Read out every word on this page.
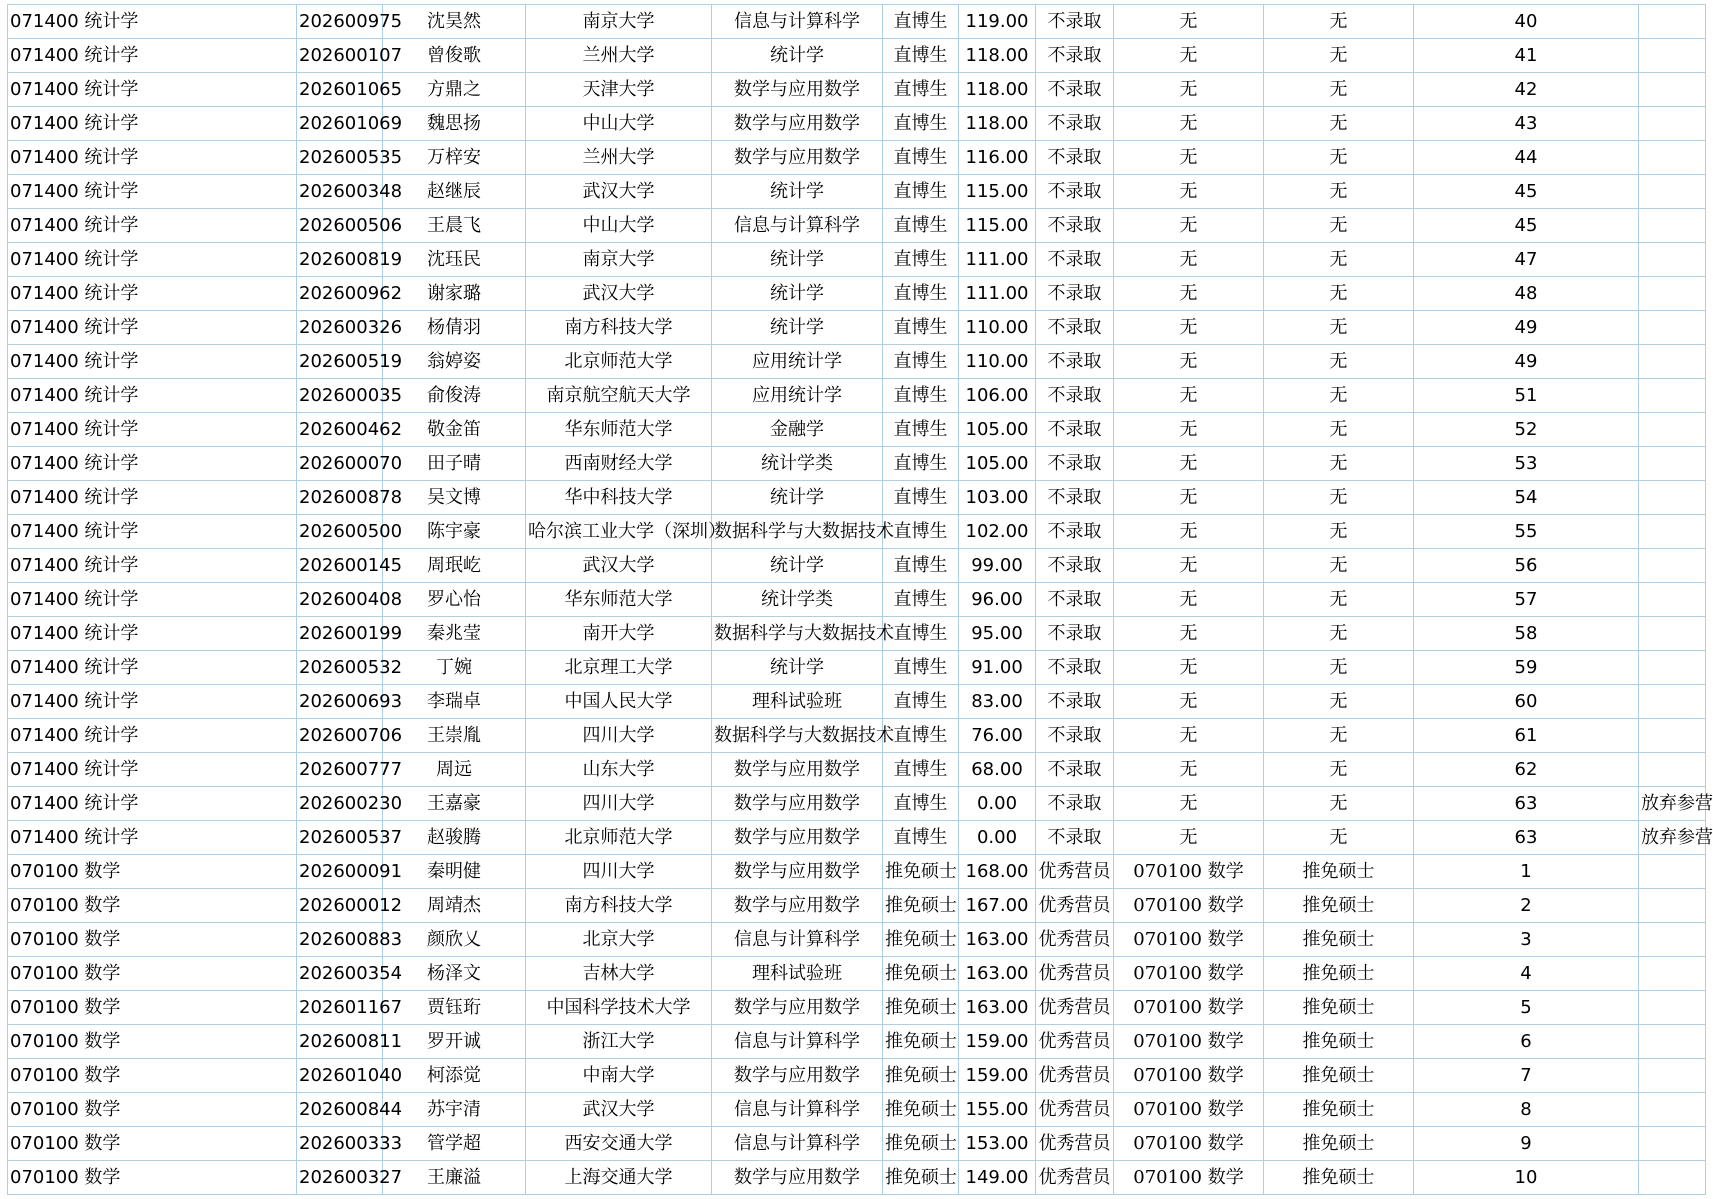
071400 统计学	202600975	沈昊然	南京大学	信息与计算科学	直博生	119.00	不录取	无	无	40	
071400 统计学	202600107	曾俊歌	兰州大学	统计学	直博生	118.00	不录取	无	无	41	
071400 统计学	202601065	方鼎之	天津大学	数学与应用数学	直博生	118.00	不录取	无	无	42	
071400 统计学	202601069	魏思扬	中山大学	数学与应用数学	直博生	118.00	不录取	无	无	43	
071400 统计学	202600535	万梓安	兰州大学	数学与应用数学	直博生	116.00	不录取	无	无	44	
071400 统计学	202600348	赵继辰	武汉大学	统计学	直博生	115.00	不录取	无	无	45	
071400 统计学	202600506	王晨飞	中山大学	信息与计算科学	直博生	115.00	不录取	无	无	45	
071400 统计学	202600819	沈珏民	南京大学	统计学	直博生	111.00	不录取	无	无	47	
071400 统计学	202600962	谢家璐	武汉大学	统计学	直博生	111.00	不录取	无	无	48	
071400 统计学	202600326	杨倩羽	南方科技大学	统计学	直博生	110.00	不录取	无	无	49	
071400 统计学	202600519	翁婷姿	北京师范大学	应用统计学	直博生	110.00	不录取	无	无	49	
071400 统计学	202600035	俞俊涛	南京航空航天大学	应用统计学	直博生	106.00	不录取	无	无	51	
071400 统计学	202600462	敬金笛	华东师范大学	金融学	直博生	105.00	不录取	无	无	52	
071400 统计学	202600070	田子晴	西南财经大学	统计学类	直博生	105.00	不录取	无	无	53	
071400 统计学	202600878	吴文博	华中科技大学	统计学	直博生	103.00	不录取	无	无	54	
071400 统计学	202600500	陈宇豪	哈尔滨工业大学（深圳）	数据科学与大数据技术	直博生	102.00	不录取	无	无	55	
071400 统计学	202600145	周珉屹	武汉大学	统计学	直博生	99.00	不录取	无	无	56	
071400 统计学	202600408	罗心怡	华东师范大学	统计学类	直博生	96.00	不录取	无	无	57	
071400 统计学	202600199	秦兆莹	南开大学	数据科学与大数据技术	直博生	95.00	不录取	无	无	58	
071400 统计学	202600532	丁婉	北京理工大学	统计学	直博生	91.00	不录取	无	无	59	
071400 统计学	202600693	李瑞卓	中国人民大学	理科试验班	直博生	83.00	不录取	无	无	60	
071400 统计学	202600706	王崇胤	四川大学	数据科学与大数据技术	直博生	76.00	不录取	无	无	61	
071400 统计学	202600777	周远	山东大学	数学与应用数学	直博生	68.00	不录取	无	无	62	
071400 统计学	202600230	王嘉豪	四川大学	数学与应用数学	直博生	0.00	不录取	无	无	63	放弃参营
071400 统计学	202600537	赵骏腾	北京师范大学	数学与应用数学	直博生	0.00	不录取	无	无	63	放弃参营
070100 数学	202600091	秦明健	四川大学	数学与应用数学	推免硕士	168.00	优秀营员	070100 数学	推免硕士	1	
070100 数学	202600012	周靖杰	南方科技大学	数学与应用数学	推免硕士	167.00	优秀营员	070100 数学	推免硕士	2	
070100 数学	202600883	颜欣乂	北京大学	信息与计算科学	推免硕士	163.00	优秀营员	070100 数学	推免硕士	3	
070100 数学	202600354	杨泽文	吉林大学	理科试验班	推免硕士	163.00	优秀营员	070100 数学	推免硕士	4	
070100 数学	202601167	贾钰珩	中国科学技术大学	数学与应用数学	推免硕士	163.00	优秀营员	070100 数学	推免硕士	5	
070100 数学	202600811	罗开诚	浙江大学	信息与计算科学	推免硕士	159.00	优秀营员	070100 数学	推免硕士	6	
070100 数学	202601040	柯添觉	中南大学	数学与应用数学	推免硕士	159.00	优秀营员	070100 数学	推免硕士	7	
070100 数学	202600844	苏宇清	武汉大学	信息与计算科学	推免硕士	155.00	优秀营员	070100 数学	推免硕士	8	
070100 数学	202600333	管学超	西安交通大学	信息与计算科学	推免硕士	153.00	优秀营员	070100 数学	推免硕士	9	
070100 数学	202600327	王廉溢	上海交通大学	数学与应用数学	推免硕士	149.00	优秀营员	070100 数学	推免硕士	10	
